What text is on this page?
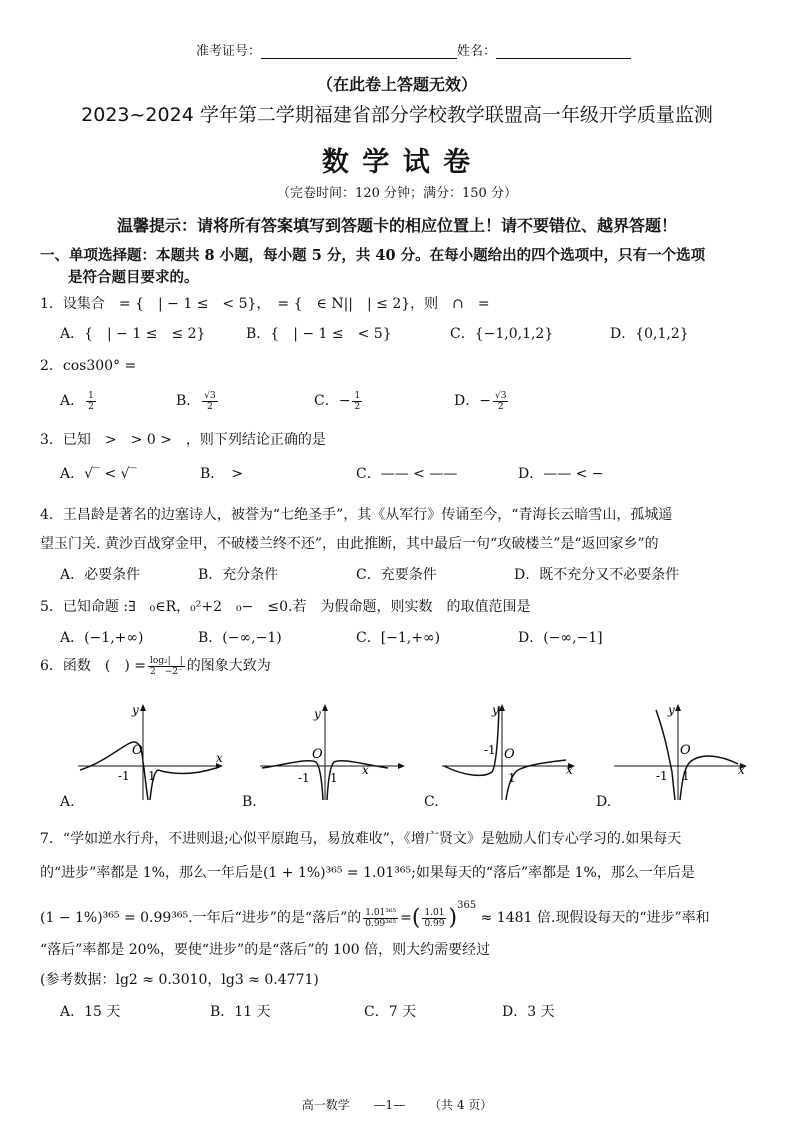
准考证号：	姓名：
（在此卷上答题无效）
2023~2024 学年第二学期福建省部分学校教学联盟高一年级开学质量监测
数 学 试 卷
（完卷时间：120 分钟；满分：150 分）
温馨提示：请将所有答案填写到答题卡的相应位置上！请不要错位、越界答题！
一、单项选择题：本题共 8 小题，每小题 5 分，共 40 分。在每小题给出的四个选项中，只有一个选项
是符合题目要求的。
1．设集合　= {　| − 1 ≤　< 5}，　= {　∈ N||　| ≤ 2}，则　∩　=
A．{　| − 1 ≤　≤ 2}	B．{　| − 1 ≤　< 5}	C．{−1,0,1,2}	D．{0,1,2}
2．cos300° =
A． $\frac{1}{2}$	B． $\frac{√3}{2}$	C．− $\frac{1}{2}$	D．− $\frac{√3}{2}$
3．已知　>　> 0 >　，则下列结论正确的是
A．√‾ < √‾	B．　>	C．—— < ——	D．—— < −
4．王昌龄是著名的边塞诗人，被誉为“七绝圣手”，其《从军行》传诵至今，“青海长云暗雪山，孤城遥
望玉门关. 黄沙百战穿金甲，不破楼兰终不还”，由此推断，其中最后一句“攻破楼兰”是“返回家乡”的
A．必要条件	B．充分条件	C．充要条件	D．既不充分又不必要条件
5．已知命题 :∃　₀∈R，₀²+2　₀−　≤0.若　为假命题，则实数　的取值范围是
A．(−1,+∞)	B．(−∞,−1)	C．[−1,+∞)	D．(−∞,−1]
6．函数　(　) = $\frac{\text{log₂|　|}}{2 -2^-}$ 的图象大致为
y
x
O
-1 1
A.
y
x
O
-1 1
B.
y
x
O
-1
1
C.
y
x
O
-1 1
D.
7．“学如逆水行舟，不进则退;心似平原跑马，易放难收”，《增广贤文》是勉励人们专心学习的.如果每天
的“进步”率都是 1%，那么一年后是(1 + 1%)³⁶⁵ = 1.01³⁶⁵;如果每天的“落后”率都是 1%，那么一年后是
(1 − 1%)³⁶⁵ = 0.99³⁶⁵.一年后“进步”的是“落后”的 $\frac{\text{1.01³⁶⁵}}{\text{0.99³⁶⁵}}$ =( $\frac{1.01}{0.99} )^{365} \approx 1481$ 倍.现假设每天的“进步”率和
“落后”率都是 20%，要使“进步”的是“落后”的 100 倍，则大约需要经过
(参考数据：lg2 ≈ 0.3010，lg3 ≈ 0.4771)
A．15 天	B．11 天	C．7 天	D．3 天
高一数学 —1— （共 4 页）
